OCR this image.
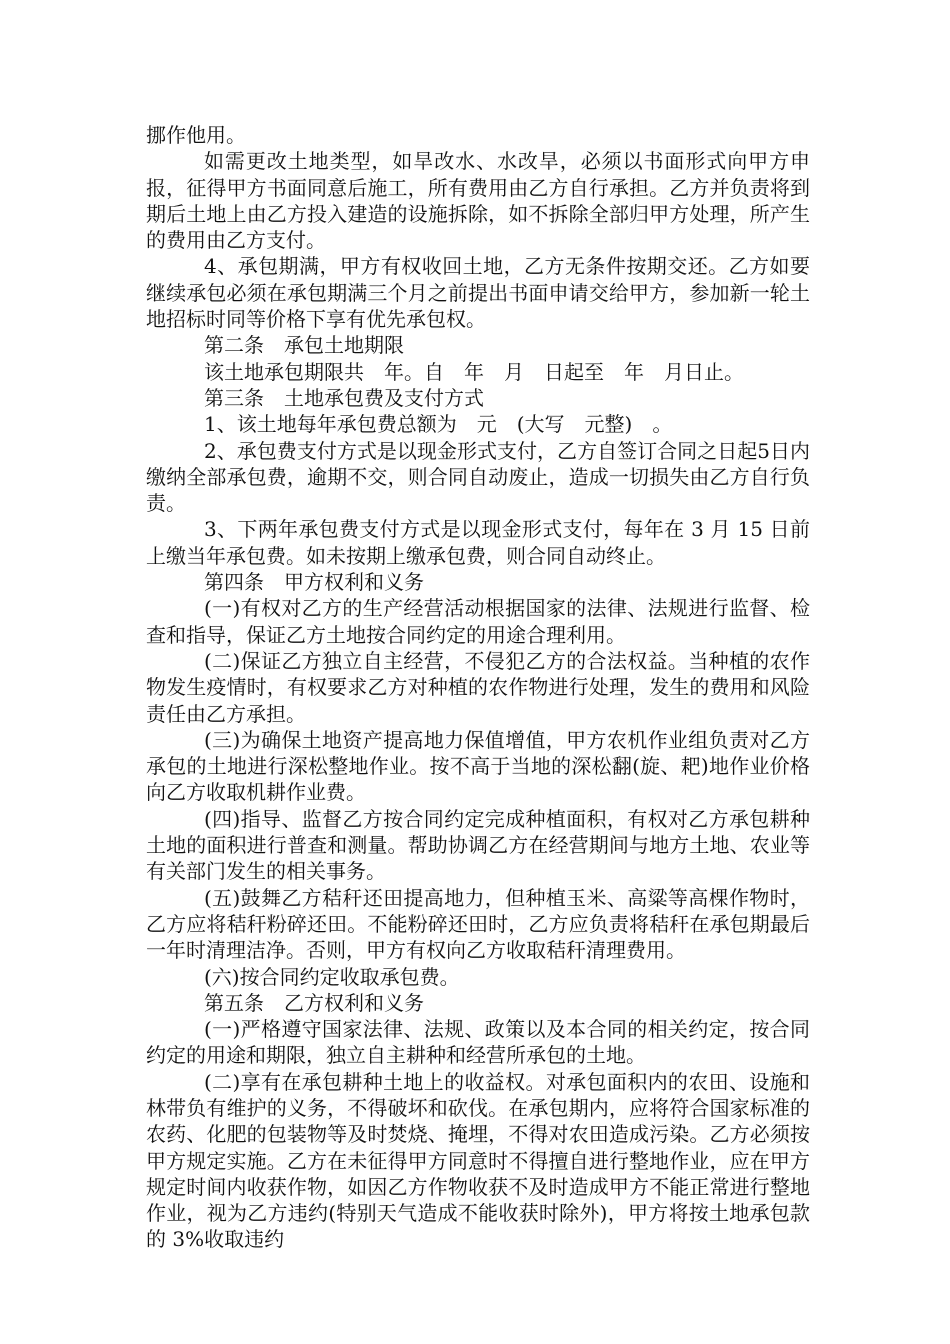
挪作他用。

如需更改土地类型，如旱改水、水改旱，必须以书面形式向甲方申报，征得甲方书面同意后施工，所有费用由乙方自行承担。乙方并负责将到期后土地上由乙方投入建造的设施拆除，如不拆除全部归甲方处理，所产生的费用由乙方支付。

4、承包期满，甲方有权收回土地，乙方无条件按期交还。乙方如要继续承包必须在承包期满三个月之前提出书面申请交给甲方，参加新一轮土地招标时同等价格下享有优先承包权。

第二条　承包土地期限

该土地承包期限共　年。自　年　月　日起至　年　月日止。

第三条　土地承包费及支付方式

1、该土地每年承包费总额为　元　(大写　元整)　。

2、承包费支付方式是以现金形式支付，乙方自签订合同之日起5日内缴纳全部承包费，逾期不交，则合同自动废止，造成一切损失由乙方自行负责。

3、下两年承包费支付方式是以现金形式支付，每年在 3 月 15 日前上缴当年承包费。如未按期上缴承包费，则合同自动终止。

第四条　甲方权利和义务

(一)有权对乙方的生产经营活动根据国家的法律、法规进行监督、检查和指导，保证乙方土地按合同约定的用途合理利用。

(二)保证乙方独立自主经营，不侵犯乙方的合法权益。当种植的农作物发生疫情时，有权要求乙方对种植的农作物进行处理，发生的费用和风险责任由乙方承担。

(三)为确保土地资产提高地力保值增值，甲方农机作业组负责对乙方承包的土地进行深松整地作业。按不高于当地的深松翻(旋、耙)地作业价格向乙方收取机耕作业费。

(四)指导、监督乙方按合同约定完成种植面积，有权对乙方承包耕种土地的面积进行普查和测量。帮助协调乙方在经营期间与地方土地、农业等有关部门发生的相关事务。

(五)鼓舞乙方秸秆还田提高地力，但种植玉米、高粱等高棵作物时，乙方应将秸秆粉碎还田。不能粉碎还田时，乙方应负责将秸秆在承包期最后一年时清理洁净。否则，甲方有权向乙方收取秸秆清理费用。

(六)按合同约定收取承包费。

第五条　乙方权利和义务

(一)严格遵守国家法律、法规、政策以及本合同的相关约定，按合同约定的用途和期限，独立自主耕种和经营所承包的土地。

(二)享有在承包耕种土地上的收益权。对承包面积内的农田、设施和林带负有维护的义务，不得破坏和砍伐。在承包期内，应将符合国家标准的农药、化肥的包装物等及时焚烧、掩埋，不得对农田造成污染。乙方必须按甲方规定实施。乙方在未征得甲方同意时不得擅自进行整地作业，应在甲方规定时间内收获作物，如因乙方作物收获不及时造成甲方不能正常进行整地作业，视为乙方违约(特别天气造成不能收获时除外)，甲方将按土地承包款的 3%收取违约
